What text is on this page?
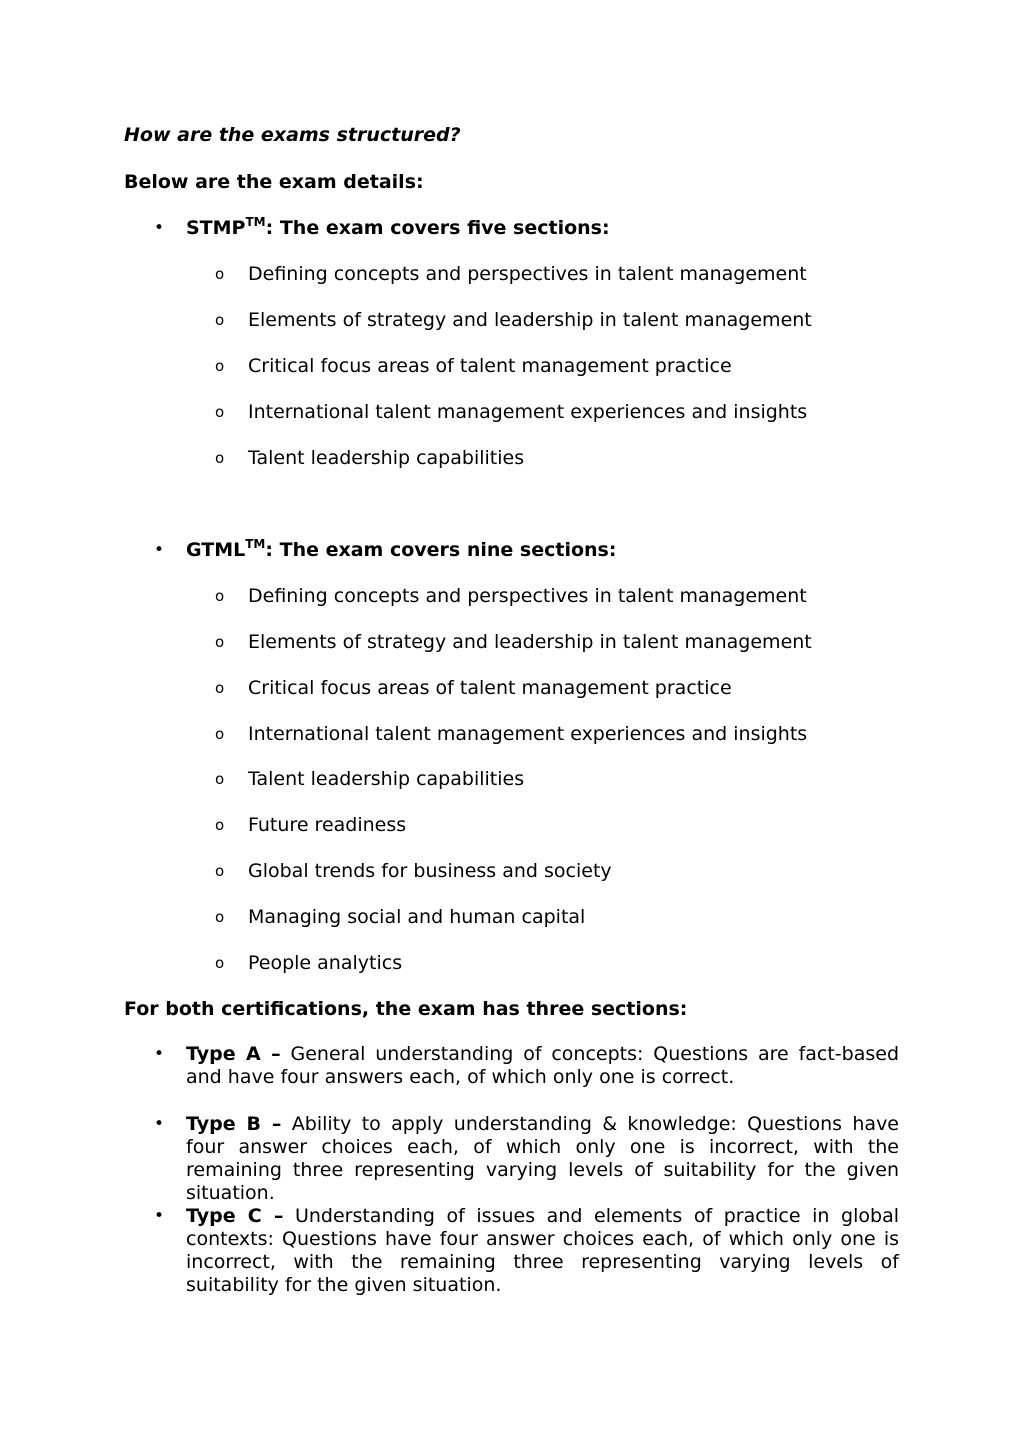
How are the exams structured?
Below are the exam details:
• STMP™: The exam covers five sections:
o Defining concepts and perspectives in talent management
o Elements of strategy and leadership in talent management
o Critical focus areas of talent management practice
o International talent management experiences and insights
o Talent leadership capabilities
• GTML™: The exam covers nine sections:
o Defining concepts and perspectives in talent management
o Elements of strategy and leadership in talent management
o Critical focus areas of talent management practice
o International talent management experiences and insights
o Talent leadership capabilities
o Future readiness
o Global trends for business and society
o Managing social and human capital
o People analytics
For both certifications, the exam has three sections:
• Type A – General understanding of concepts: Questions are fact-based and have four answers each, of which only one is correct.
• Type B – Ability to apply understanding & knowledge: Questions have four answer choices each, of which only one is incorrect, with the remaining three representing varying levels of suitability for the given situation.
• Type C – Understanding of issues and elements of practice in global contexts: Questions have four answer choices each, of which only one is incorrect, with the remaining three representing varying levels of suitability for the given situation.
